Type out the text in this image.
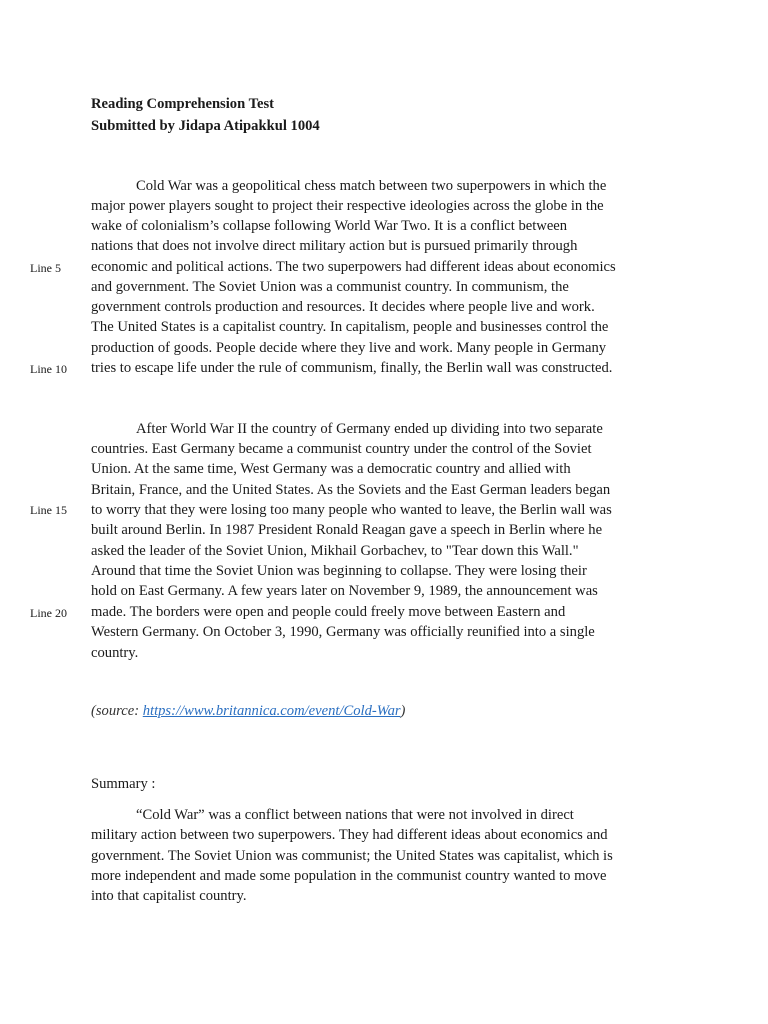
Reading Comprehension Test
Submitted by Jidapa Atipakkul 1004
Cold War was a geopolitical chess match between two superpowers in which the
major power players sought to project their respective ideologies across the globe in the
wake of colonialism’s collapse following World War Two. It is a conflict between
nations that does not involve direct military action but is pursued primarily through
economic and political actions. The two superpowers had different ideas about economics
and government. The Soviet Union was a communist country. In communism, the
government controls production and resources. It decides where people live and work.
The United States is a capitalist country. In capitalism, people and businesses control the
production of goods. People decide where they live and work. Many people in Germany
tries to escape life under the rule of communism, finally, the Berlin wall was constructed.
Line 5
Line 10
After World War II the country of Germany ended up dividing into two separate
countries. East Germany became a communist country under the control of the Soviet
Union. At the same time, West Germany was a democratic country and allied with
Britain, France, and the United States. As the Soviets and the East German leaders began
to worry that they were losing too many people who wanted to leave, the Berlin wall was
built around Berlin. In 1987 President Ronald Reagan gave a speech in Berlin where he
asked the leader of the Soviet Union, Mikhail Gorbachev, to "Tear down this Wall."
Around that time the Soviet Union was beginning to collapse. They were losing their
hold on East Germany. A few years later on November 9, 1989, the announcement was
made. The borders were open and people could freely move between Eastern and
Western Germany. On October 3, 1990, Germany was officially reunified into a single
country.
Line 15
Line 20
(source: https://www.britannica.com/event/Cold-War)
Summary :
“Cold War” was a conflict between nations that were not involved in direct
military action between two superpowers. They had different ideas about economics and
government. The Soviet Union was communist; the United States was capitalist, which is
more independent and made some population in the communist country wanted to move
into that capitalist country.
